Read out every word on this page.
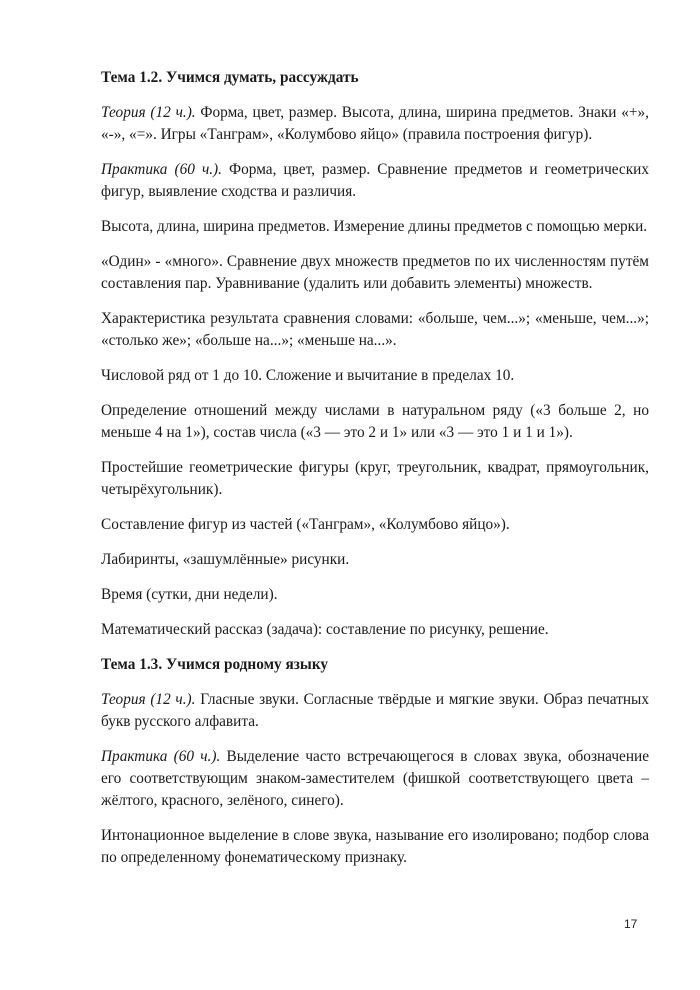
Тема 1.2. Учимся думать, рассуждать

Теория (12 ч.). Форма, цвет, размер. Высота, длина, ширина предметов. Знаки «+», «-», «=». Игры «Танграм», «Колумбово яйцо» (правила построения фигур).

Практика (60 ч.). Форма, цвет, размер. Сравнение предметов и геометрических фигур, выявление сходства и различия.

Высота, длина, ширина предметов. Измерение длины предметов с помощью мерки.

«Один» - «много». Сравнение двух множеств предметов по их численностям путём составления пар. Уравнивание (удалить или добавить элементы) множеств.

Характеристика результата сравнения словами: «больше, чем...»; «меньше, чем...»; «столько же»; «больше на...»; «меньше на...».

Числовой ряд от 1 до 10. Сложение и вычитание в пределах 10.

Определение отношений между числами в натуральном ряду («3 больше 2, но меньше 4 на 1»), состав числа («3 — это 2 и 1» или «3 — это 1 и 1 и 1»).

Простейшие геометрические фигуры (круг, треугольник, квадрат, прямоугольник, четырёхугольник).

Составление фигур из частей («Танграм», «Колумбово яйцо»).

Лабиринты, «зашумлённые» рисунки.

Время (сутки, дни недели).

Математический рассказ (задача): составление по рисунку, решение.

Тема 1.3. Учимся родному языку

Теория (12 ч.). Гласные звуки. Согласные твёрдые и мягкие звуки. Образ печатных букв русского алфавита.

Практика (60 ч.). Выделение часто встречающегося в словах звука, обозначение его соответствующим знаком-заместителем (фишкой соответствующего цвета – жёлтого, красного, зелёного, синего).

Интонационное выделение в слове звука, называние его изолировано; подбор слова по определенному фонематическому признаку.

17
